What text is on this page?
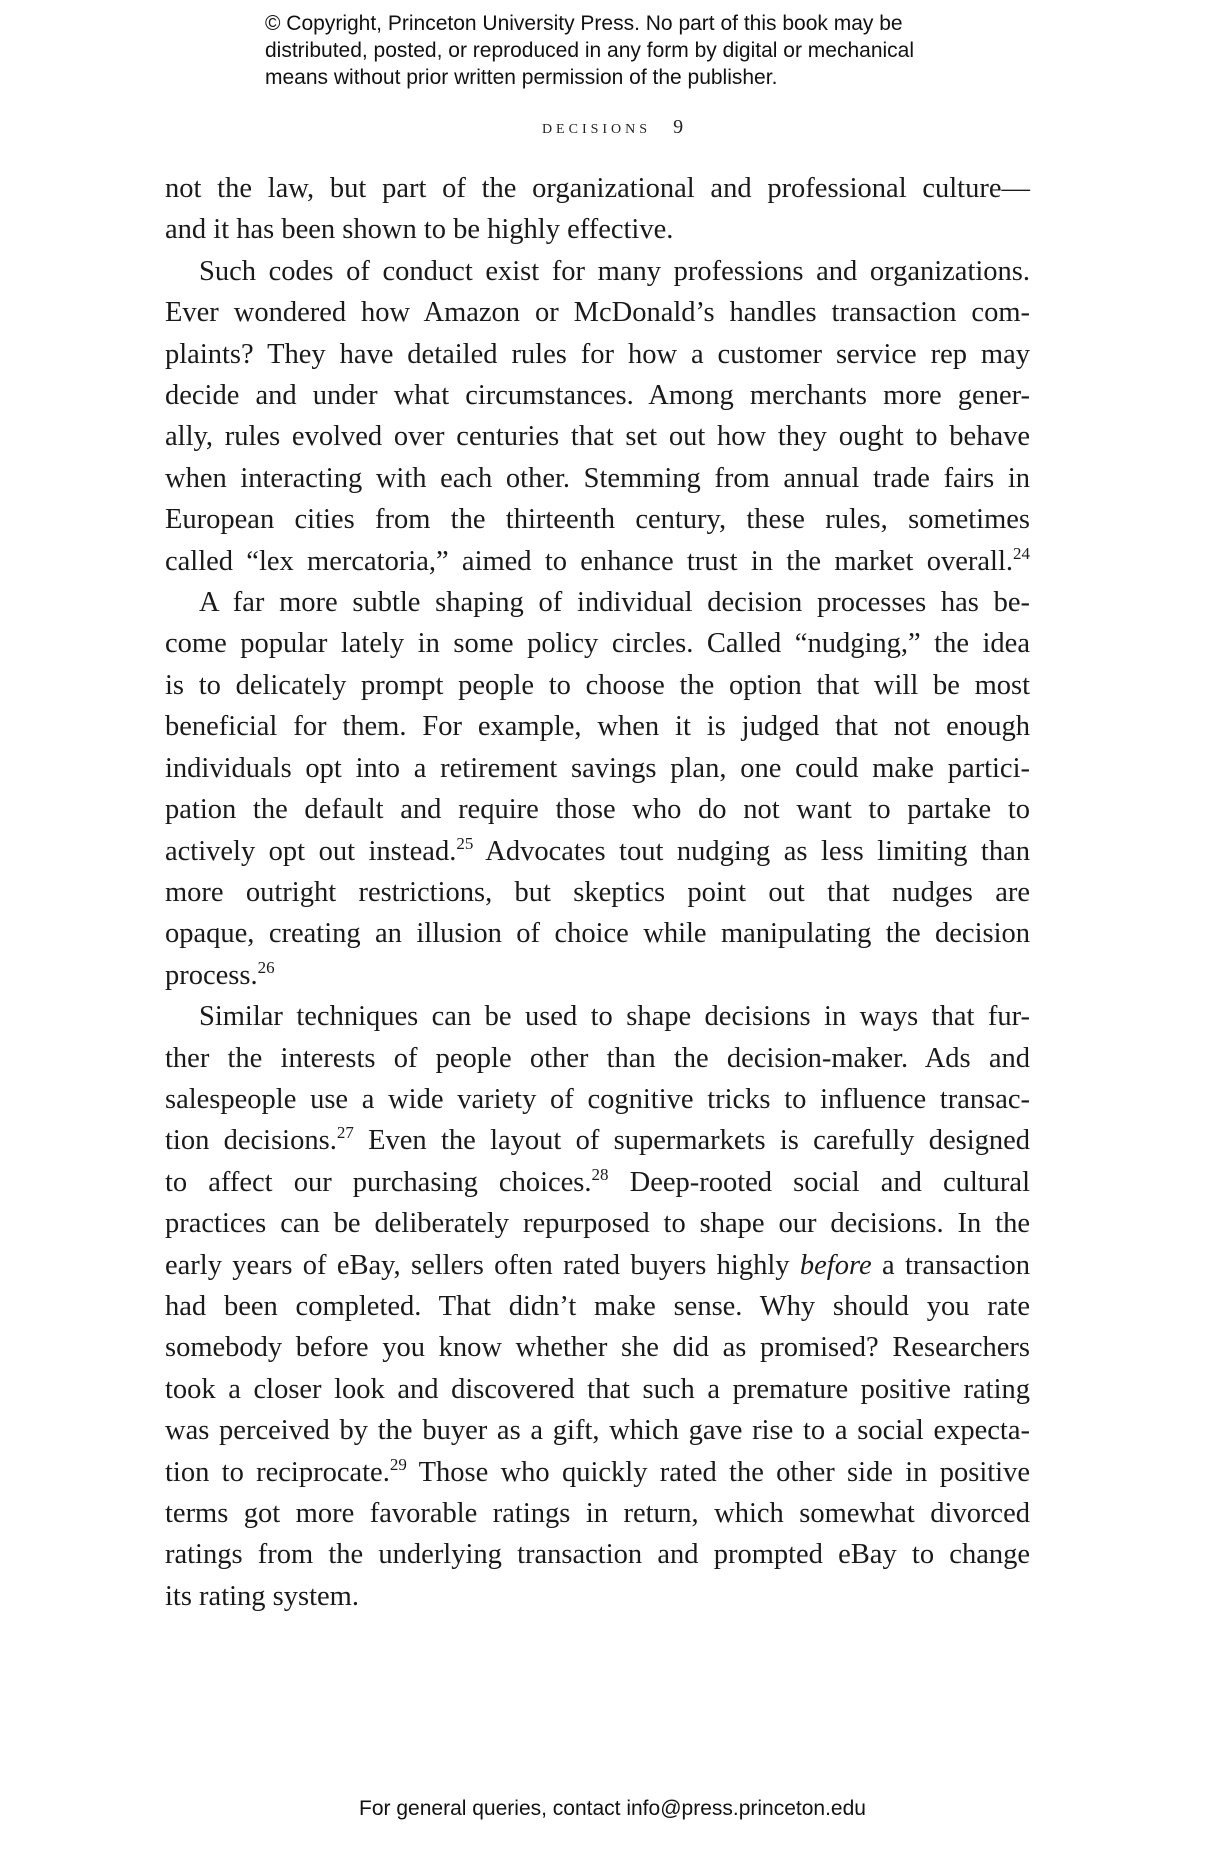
© Copyright, Princeton University Press. No part of this book may be
distributed, posted, or reproduced in any form by digital or mechanical
means without prior written permission of the publisher.
decisions 9
not the law, but part of the organizational and professional culture—
and it has been shown to be highly effective.
Such codes of conduct exist for many professions and organizations.
Ever wondered how Amazon or McDonald’s handles transaction com-
plaints? They have detailed rules for how a customer service rep may
decide and under what circumstances. Among merchants more gener-
ally, rules evolved over centuries that set out how they ought to behave
when interacting with each other. Stemming from annual trade fairs in
European cities from the thirteenth century, these rules, sometimes
called “lex mercatoria,” aimed to enhance trust in the market overall.$^{24}$
A far more subtle shaping of individual decision processes has be-
come popular lately in some policy circles. Called “nudging,” the idea
is to delicately prompt people to choose the option that will be most
beneficial for them. For example, when it is judged that not enough
individuals opt into a retirement savings plan, one could make partici-
pation the default and require those who do not want to partake to
actively opt out instead.$^{25}$ Advocates tout nudging as less limiting than
more outright restrictions, but skeptics point out that nudges are
opaque, creating an illusion of choice while manipulating the decision
process.$^{26}$
Similar techniques can be used to shape decisions in ways that fur-
ther the interests of people other than the decision-maker. Ads and
salespeople use a wide variety of cognitive tricks to influence transac-
tion decisions.$^{27}$ Even the layout of supermarkets is carefully designed
to affect our purchasing choices.$^{28}$ Deep-rooted social and cultural
practices can be deliberately repurposed to shape our decisions. In the
early years of eBay, sellers often rated buyers highly before a transaction
had been completed. That didn’t make sense. Why should you rate
somebody before you know whether she did as promised? Researchers
took a closer look and discovered that such a premature positive rating
was perceived by the buyer as a gift, which gave rise to a social expecta-
tion to reciprocate.$^{29}$ Those who quickly rated the other side in positive
terms got more favorable ratings in return, which somewhat divorced
ratings from the underlying transaction and prompted eBay to change
its rating system.
For general queries, contact info@press.princeton.edu
